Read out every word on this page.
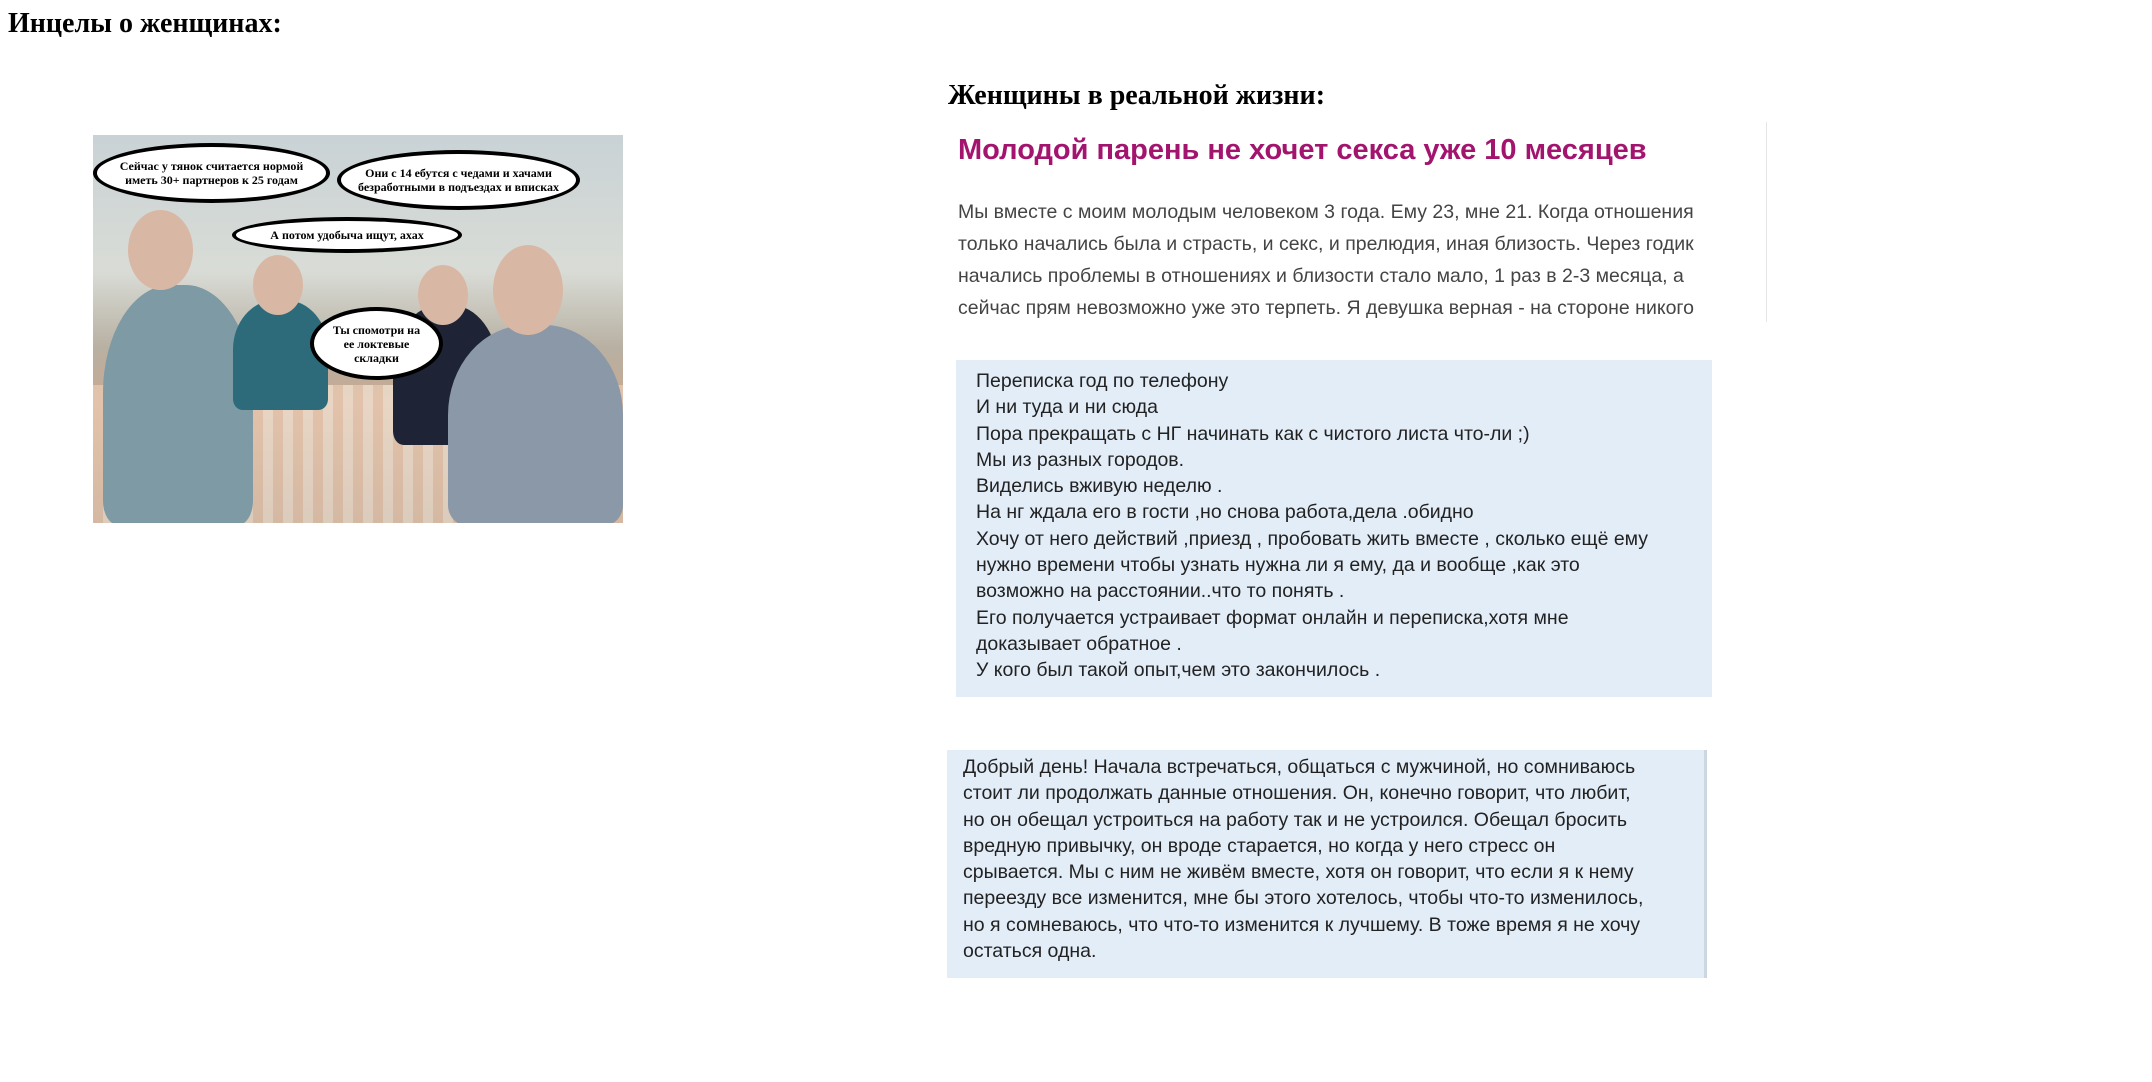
Инцелы о женщинах:
Женщины в реальной жизни:
Сейчас у тянок считается нормой иметь 30+ партнеров к 25 годам	Они с 14 ебутся с чедами и хачами безработными в подъездах и вписках
А потом удобыча ищут, ахах
Ты спомотри на ее локтевые складки
Молодой парень не хочет секса уже 10 месяцев
Мы вместе с моим молодым человеком 3 года. Ему 23, мне 21. Когда отношения
только начались была и страсть, и секс, и прелюдия, иная близость. Через годик
начались проблемы в отношениях и близости стало мало, 1 раз в 2-3 месяца, а
сейчас прям невозможно уже это терпеть. Я девушка верная - на стороне никого
Переписка год по телефону
И ни туда и ни сюда
Пора прекращать с НГ начинать как с чистого листа что-ли ;)
Мы из разных городов.
Виделись вживую неделю .
На нг ждала его в гости ,но снова работа,дела .обидно
Хочу от него действий ,приезд , пробовать жить вместе , сколько ещё ему
нужно времени чтобы узнать нужна ли я ему, да и вообще ,как это
возможно на расстоянии..что то понять .
Его получается устраивает формат онлайн и переписка,хотя мне
доказывает обратное .
У кого был такой опыт,чем это закончилось .
Добрый день! Начала встречаться, общаться с мужчиной, но сомниваюсь
стоит ли продолжать данные отношения. Он, конечно говорит, что любит,
но он обещал устроиться на работу так и не устроился. Обещал бросить
вредную привычку, он вроде старается, но когда у него стресс он
срывается. Мы с ним не живём вместе, хотя он говорит, что если я к нему
переезду все изменится, мне бы этого хотелось, чтобы что-то изменилось,
но я сомневаюсь, что что-то изменится к лучшему. В тоже время я не хочу
остаться одна.
